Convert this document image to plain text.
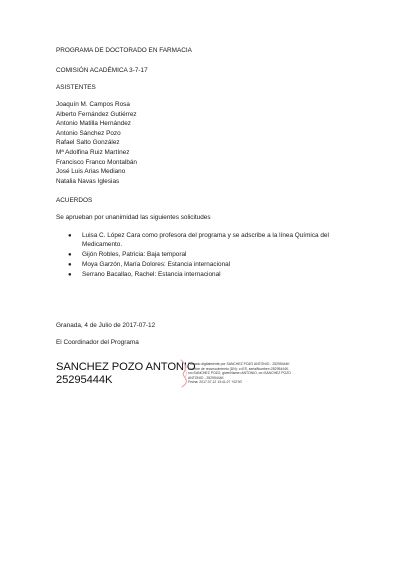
PROGRAMA DE DOCTORADO EN FARMACIA
COMISIÓN ACADÉMICA 3-7-17
ASISTENTES
Joaquín M. Campos Rosa
Alberto Fernández Gutiérrez
Antonio Matilla Hernández
Antonio Sánchez Pozo
Rafael Salto González
Mª Adolfina Ruiz Martínez
Francisco Franco Montalbán
José Luis Arias Mediano
Natalia Navas Iglesias
ACUERDOS
Se aprueban por unanimidad las siguientes solicitudes
● Luisa C. López Cara como profesora del programa y se adscribe a la línea Química del
Medicamento.
● Gijón Robles, Patricia: Baja temporal
● Moya Garzón, María Dolores: Estancia internacional
● Serrano Bacallao, Rachel: Estancia internacional
Granada, 4 de Julio de 2017-07-12
El Coordinador del Programa
SANCHEZ POZO ANTONIO
25295444K
Firmado digitalmente por SANCHEZ POZO ANTONIO - 25295444K
Nombre de reconocimiento (DN): c=ES, serialNumber=25295444K,
sn=SANCHEZ POZO, givenName=ANTONIO, cn=SANCHEZ POZO
ANTONIO - 25295444K
Fecha: 2017.07.12 13:41:27 +02'00'
